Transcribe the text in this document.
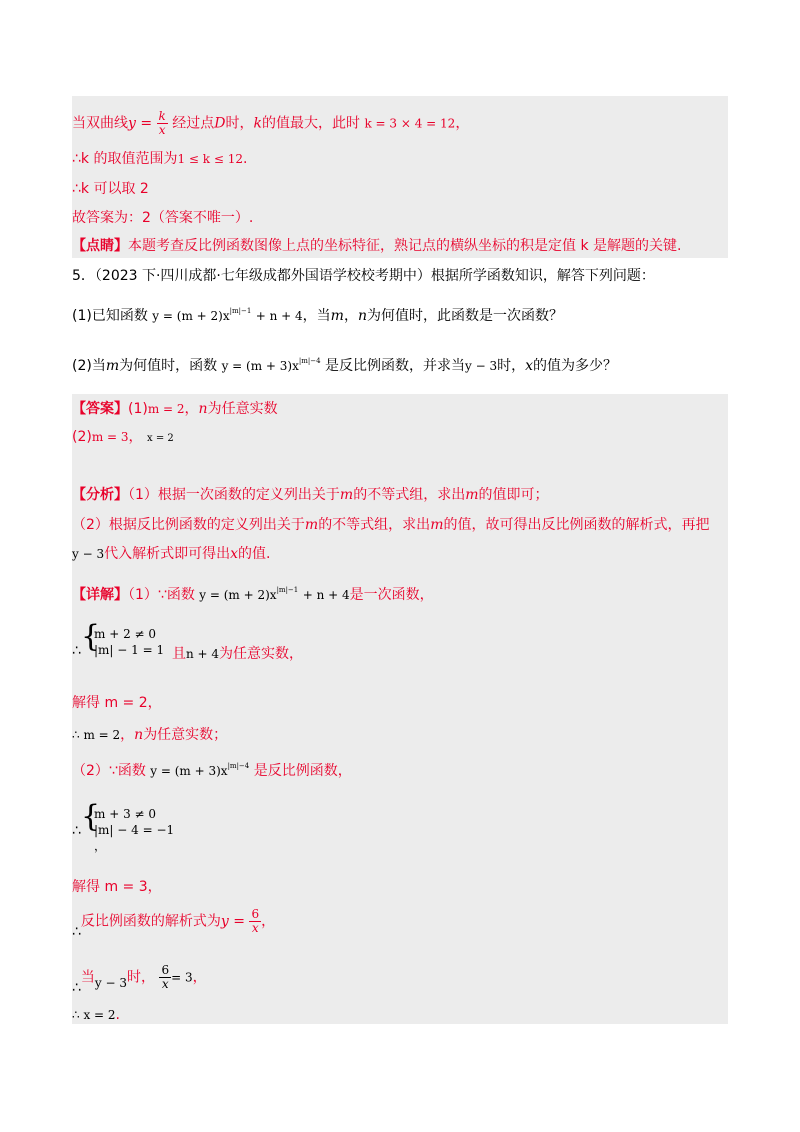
当双曲线$y = \frac{k}{x}$ 经过点D时，k的值最大，此时 k = 3 × 4 = 12，
∴k 的取值范围为1 ≤ k ≤ 12.
∴k 可以取 2
故答案为：2（答案不唯一）.
【点睛】本题考查反比例函数图像上点的坐标特征，熟记点的横纵坐标的积是定值 k 是解题的关键.
5．（2023 下·四川成都·七年级成都外国语学校校考期中）根据所学函数知识，解答下列问题：
(1)已知函数 $y = (m + 2)x^{|m|-1} + n + 4$，当m，n为何值时，此函数是一次函数？
(2)当m为何值时，函数 $y = (m + 3)x^{|m|-4}$ 是反比例函数，并求当y − 3时，x的值为多少？
【答案】(1)m = 2，n为任意实数
(2)m = 3， x = 2
【分析】（1）根据一次函数的定义列出关于m的不等式组，求出m的值即可；
（2）根据反比例函数的定义列出关于m的不等式组，求出m的值，故可得出反比例函数的解析式，再把
y − 3代入解析式即可得出x的值.
【详解】（1）∵函数 $y = (m + 2)x^{|m|-1} + n + 4$是一次函数，
∴ {
m + 2 ≠ 0
|m| − 1 = 1 且n + 4为任意实数，
解得 m = 2，
∴ m = 2，n为任意实数；
（2）∵函数 $y = (m + 3)x^{|m|-4}$ 是反比例函数，
∴ {
m + 3 ≠ 0
|m| − 4 = −1
，
解得 m = 3，
∴反比例函数的解析式为$y = \frac{6}{x}$ ，
∴当y − 3时， $\frac{6}{x} = 3$，
∴ x = 2.
